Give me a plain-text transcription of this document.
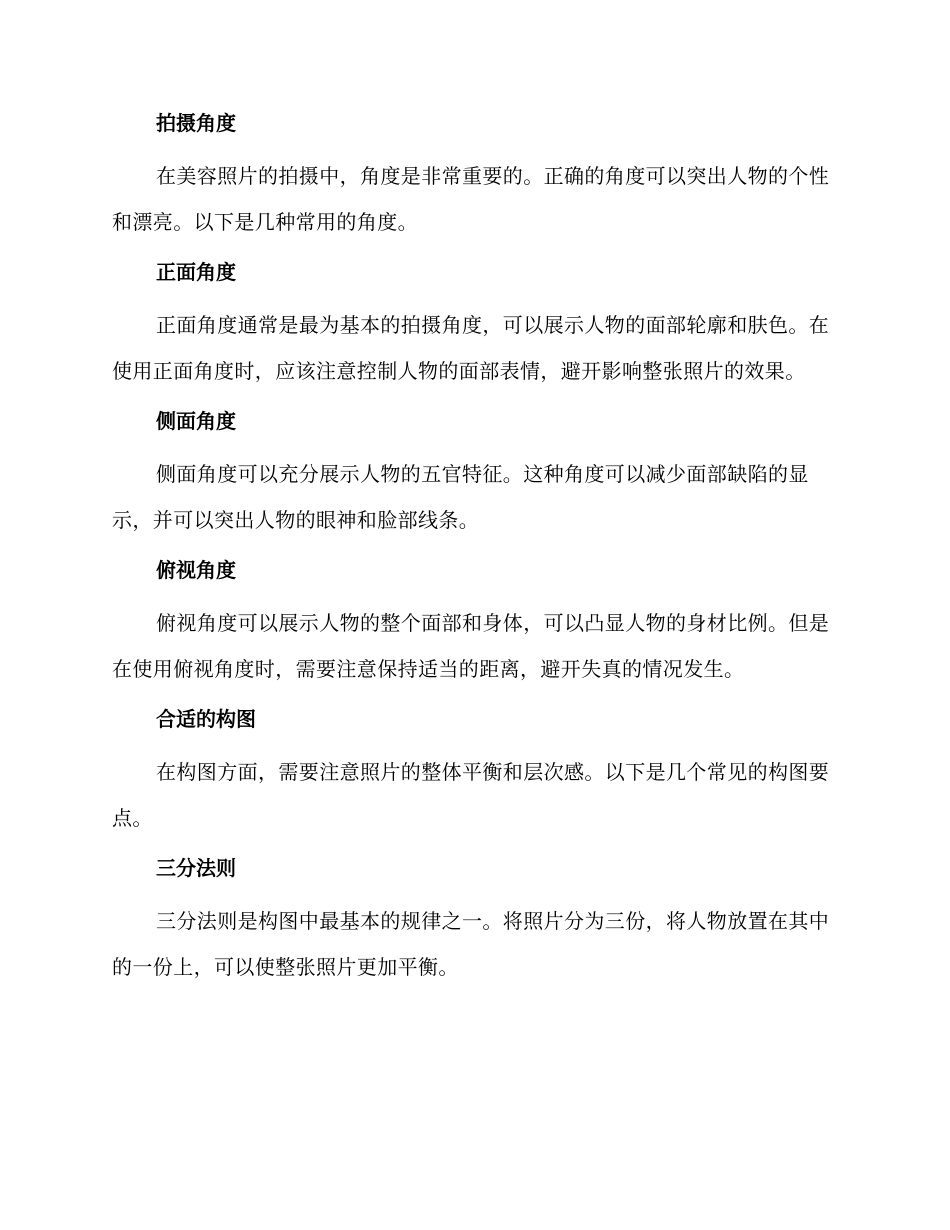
拍摄角度

在美容照片的拍摄中，角度是非常重要的。正确的角度可以突出人物的个性和漂亮。以下是几种常用的角度。

正面角度

正面角度通常是最为基本的拍摄角度，可以展示人物的面部轮廓和肤色。在使用正面角度时，应该注意控制人物的面部表情，避开影响整张照片的效果。

侧面角度

侧面角度可以充分展示人物的五官特征。这种角度可以减少面部缺陷的显示，并可以突出人物的眼神和脸部线条。

俯视角度

俯视角度可以展示人物的整个面部和身体，可以凸显人物的身材比例。但是在使用俯视角度时，需要注意保持适当的距离，避开失真的情况发生。

合适的构图

在构图方面，需要注意照片的整体平衡和层次感。以下是几个常见的构图要点。

三分法则

三分法则是构图中最基本的规律之一。将照片分为三份，将人物放置在其中的一份上，可以使整张照片更加平衡。
